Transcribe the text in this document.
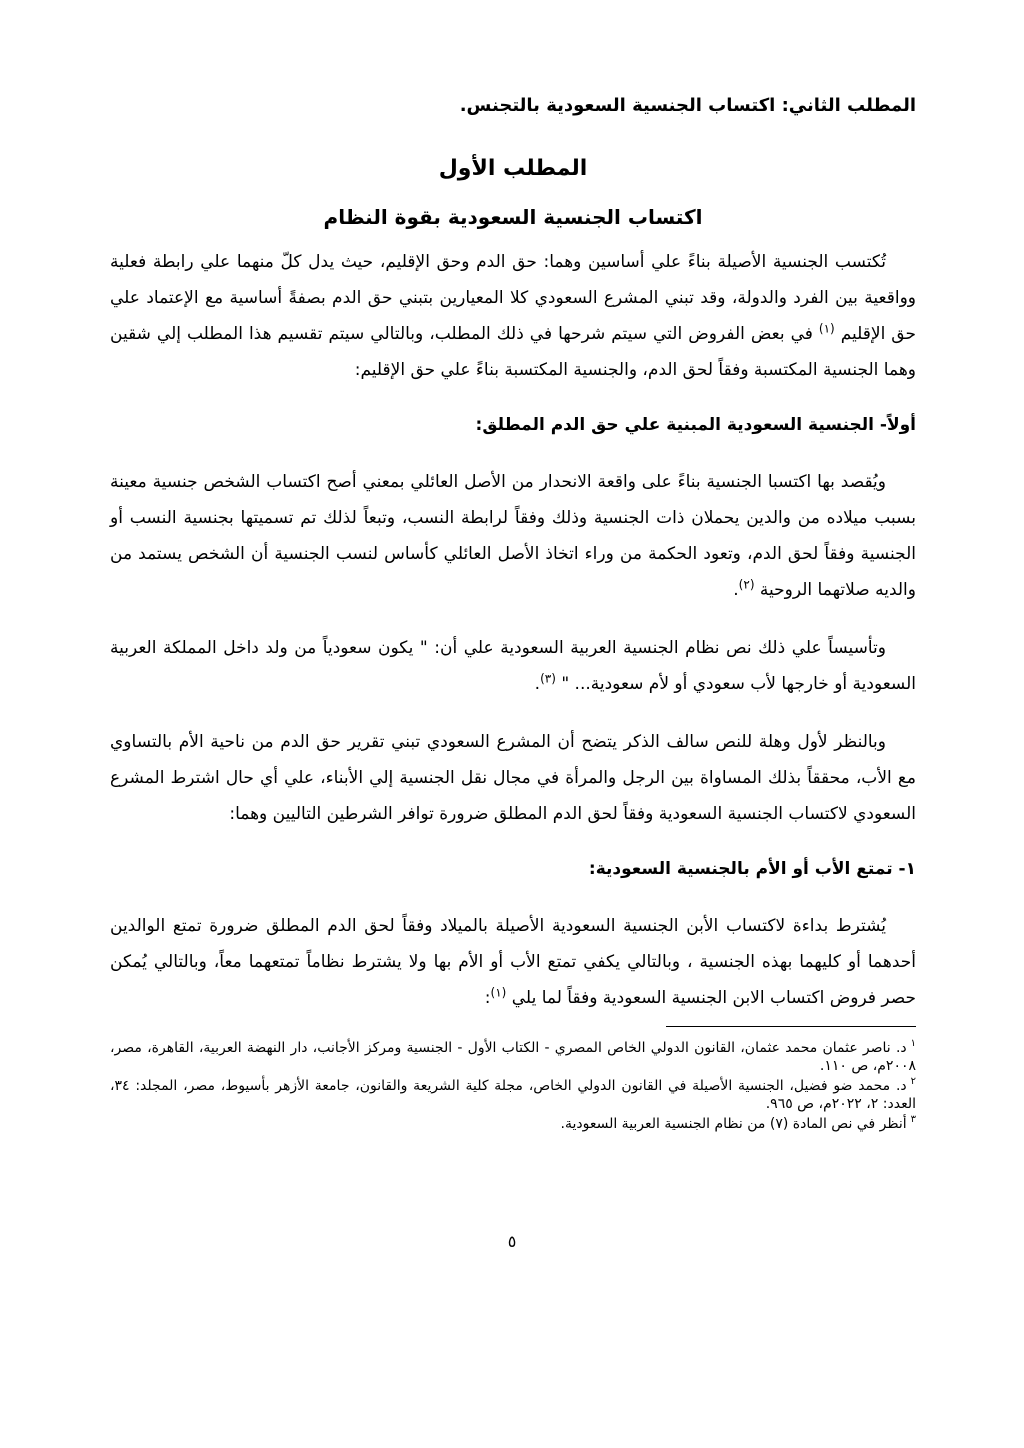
المطلب الثاني: اكتساب الجنسية السعودية بالتجنس.
المطلب الأول
اكتساب الجنسية السعودية بقوة النظام

تُكتسب الجنسية الأصيلة بناءً علي أساسين وهما: حق الدم وحق الإقليم، حيث يدل كلّ منهما علي رابطة فعلية وواقعية بين الفرد والدولة، وقد تبني المشرع السعودي كلا المعيارين بتبني حق الدم بصفةً أساسية مع الإعتماد علي حق الإقليم $^{(١)}$ في بعض الفروض التي سيتم شرحها في ذلك المطلب، وبالتالي سيتم تقسيم هذا المطلب إلي شقين وهما الجنسية المكتسبة وفقاً لحق الدم، والجنسية المكتسبة بناءً علي حق الإقليم:

أولاً- الجنسية السعودية المبنية علي حق الدم المطلق:

ويُقصد بها اكتسبا الجنسية بناءً على واقعة الانحدار من الأصل العائلي بمعني أصح اكتساب الشخص جنسية معينة بسبب ميلاده من والدين يحملان ذات الجنسية وذلك وفقاً لرابطة النسب، وتبعاً لذلك تم تسميتها بجنسية النسب أو الجنسية وفقاً لحق الدم، وتعود الحكمة من وراء اتخاذ الأصل العائلي كأساس لنسب الجنسية أن الشخص يستمد من والديه صلاتهما الروحية $^{(٢)}$.

وتأسيساً علي ذلك نص نظام الجنسية العربية السعودية علي أن: " يكون سعودياً من ولد داخل المملكة العربية السعودية أو خارجها لأب سعودي أو لأم سعودية... " $^{(٣)}$.

وبالنظر لأول وهلة للنص سالف الذكر يتضح أن المشرع السعودي تبني تقرير حق الدم من ناحية الأم بالتساوي مع الأب، محققاً بذلك المساواة بين الرجل والمرأة في مجال نقل الجنسية إلي الأبناء، علي أي حال اشترط المشرع السعودي لاكتساب الجنسية السعودية وفقاً لحق الدم المطلق ضرورة توافر الشرطين التاليين وهما:

١- تمتع الأب أو الأم بالجنسية السعودية:

يُشترط بداءة لاكتساب الأبن الجنسية السعودية الأصيلة بالميلاد وفقاً لحق الدم المطلق ضرورة تمتع الوالدين أحدهما أو كليهما بهذه الجنسية ، وبالتالي يكفي تمتع الأب أو الأم بها ولا يشترط نظاماً تمتعهما معاً، وبالتالي يُمكن حصر فروض اكتساب الابن الجنسية السعودية وفقاً لما يلي $^{(١)}$:

$^١$د. ناصر عثمان محمد عثمان، القانون الدولي الخاص المصري - الكتاب الأول - الجنسية ومركز الأجانب، دار النهضة العربية، القاهرة، مصر، ٢٠٠٨م، ص ١١٠.

$^٢$د. محمد ضو فضيل، الجنسية الأصيلة في القانون الدولي الخاص، مجلة كلية الشريعة والقانون، جامعة الأزهر بأسيوط، مصر، المجلد: ٣٤، العدد: ٢، ٢٠٢٢م، ص ٩٦٥.

$^٣$أنظر في نص المادة (٧) من نظام الجنسية العربية السعودية.

٥
